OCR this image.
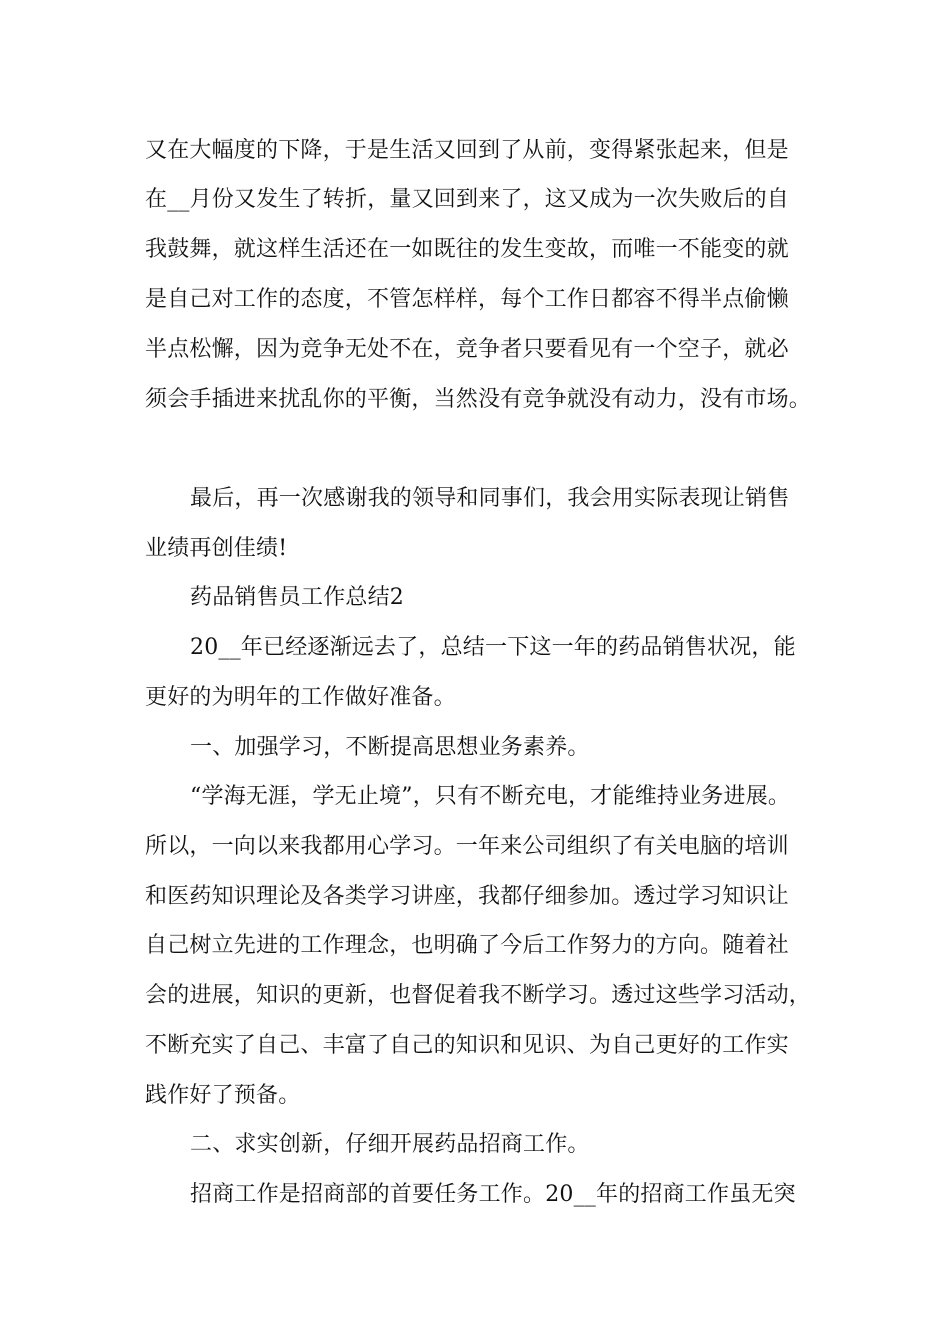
又在大幅度的下降，于是生活又回到了从前，变得紧张起来，但是
在__月份又发生了转折，量又回到来了，这又成为一次失败后的自
我鼓舞，就这样生活还在一如既往的发生变故，而唯一不能变的就
是自己对工作的态度，不管怎样样，每个工作日都容不得半点偷懒
半点松懈，因为竞争无处不在，竞争者只要看见有一个空子，就必
须会手插进来扰乱你的平衡，当然没有竞争就没有动力，没有市场。
最后，再一次感谢我的领导和同事们，我会用实际表现让销售
业绩再创佳绩!
药品销售员工作总结2
20__年已经逐渐远去了，总结一下这一年的药品销售状况，能
更好的为明年的工作做好准备。
一、加强学习，不断提高思想业务素养。
“学海无涯，学无止境”，只有不断充电，才能维持业务进展。
所以，一向以来我都用心学习。一年来公司组织了有关电脑的培训
和医药知识理论及各类学习讲座，我都仔细参加。透过学习知识让
自己树立先进的工作理念，也明确了今后工作努力的方向。随着社
会的进展，知识的更新，也督促着我不断学习。透过这些学习活动，
不断充实了自己、丰富了自己的知识和见识、为自己更好的工作实
践作好了预备。
二、求实创新，仔细开展药品招商工作。
招商工作是招商部的首要任务工作。20__年的招商工作虽无突
